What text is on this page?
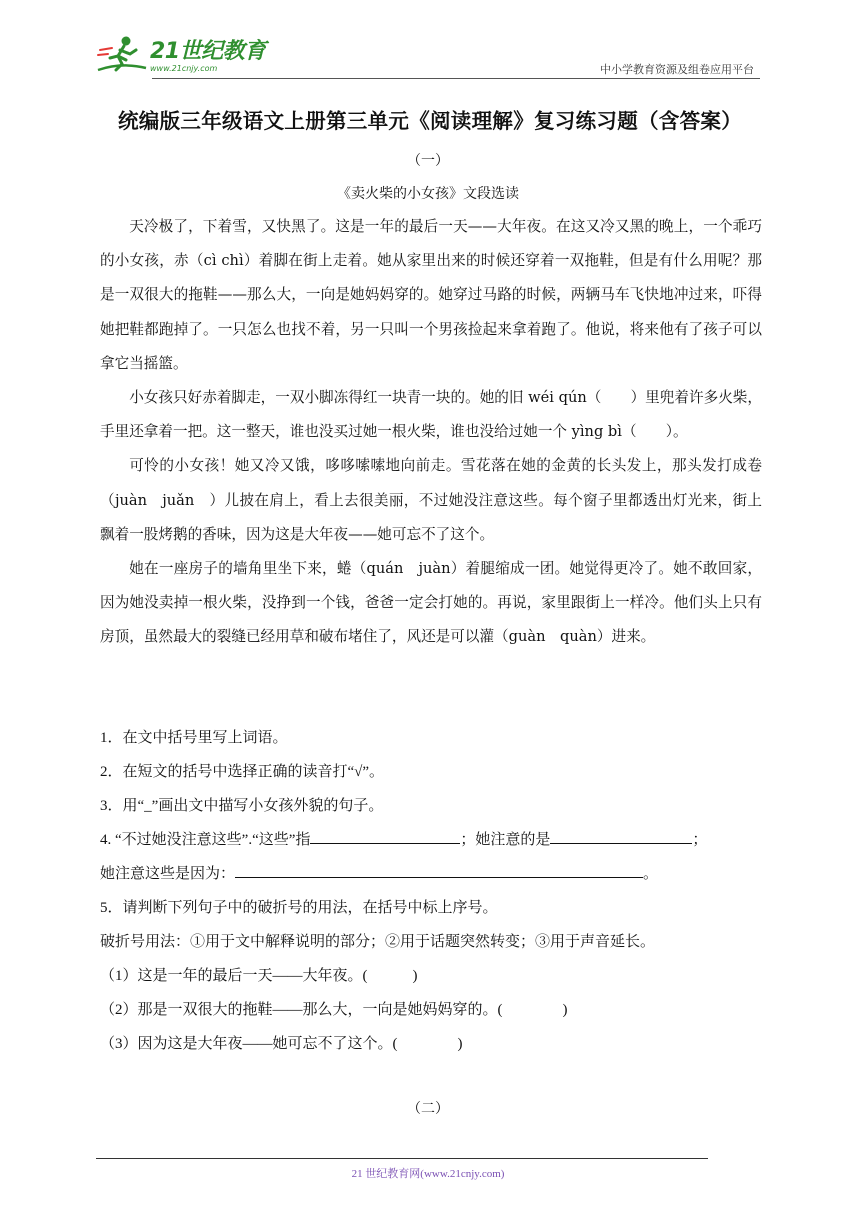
21世纪教育
www.21cnjy.com	中小学教育资源及组卷应用平台
统编版三年级语文上册第三单元《阅读理解》复习练习题（含答案）
（一）
《卖火柴的小女孩》文段选读

天冷极了，下着雪，又快黑了。这是一年的最后一天——大年夜。在这又冷又黑的晚上，一个乖巧的小女孩，赤（cì chì）着脚在街上走着。她从家里出来的时候还穿着一双拖鞋，但是有什么用呢？那是一双很大的拖鞋——那么大，一向是她妈妈穿的。她穿过马路的时候，两辆马车飞快地冲过来，吓得她把鞋都跑掉了。一只怎么也找不着，另一只叫一个男孩捡起来拿着跑了。他说，将来他有了孩子可以拿它当摇篮。

小女孩只好赤着脚走，一双小脚冻得红一块青一块的。她的旧 wéi qún（　　）里兜着许多火柴，手里还拿着一把。这一整天，谁也没买过她一根火柴，谁也没给过她一个 yìng bì（　　）。

可怜的小女孩！她又冷又饿，哆哆嗦嗦地向前走。雪花落在她的金黄的长头发上，那头发打成卷（juàn　juǎn　）儿披在肩上，看上去很美丽，不过她没注意这些。每个窗子里都透出灯光来，街上飘着一股烤鹅的香味，因为这是大年夜——她可忘不了这个。

她在一座房子的墙角里坐下来，蜷（quán　juàn）着腿缩成一团。她觉得更冷了。她不敢回家，因为她没卖掉一根火柴，没挣到一个钱，爸爸一定会打她的。再说，家里跟街上一样冷。他们头上只有房顶，虽然最大的裂缝已经用草和破布堵住了，风还是可以灌（guàn　quàn）进来。

1．在文中括号里写上词语。
2．在短文的括号中选择正确的读音打“√”。
3．用“_”画出文中描写小女孩外貌的句子。
4. “不过她没注意这些”.“这些”指	；她注意的是	；
她注意这些是因为：	。
5．请判断下列句子中的破折号的用法，在括号中标上序号。
破折号用法：①用于文中解释说明的部分；②用于话题突然转变；③用于声音延长。
（1）这是一年的最后一天——大年夜。(　　　)
（2）那是一双很大的拖鞋——那么大，一向是她妈妈穿的。(　　　　)
（3）因为这是大年夜——她可忘不了这个。(　　　　)
（二）
21 世纪教育网(www.21cnjy.com)
